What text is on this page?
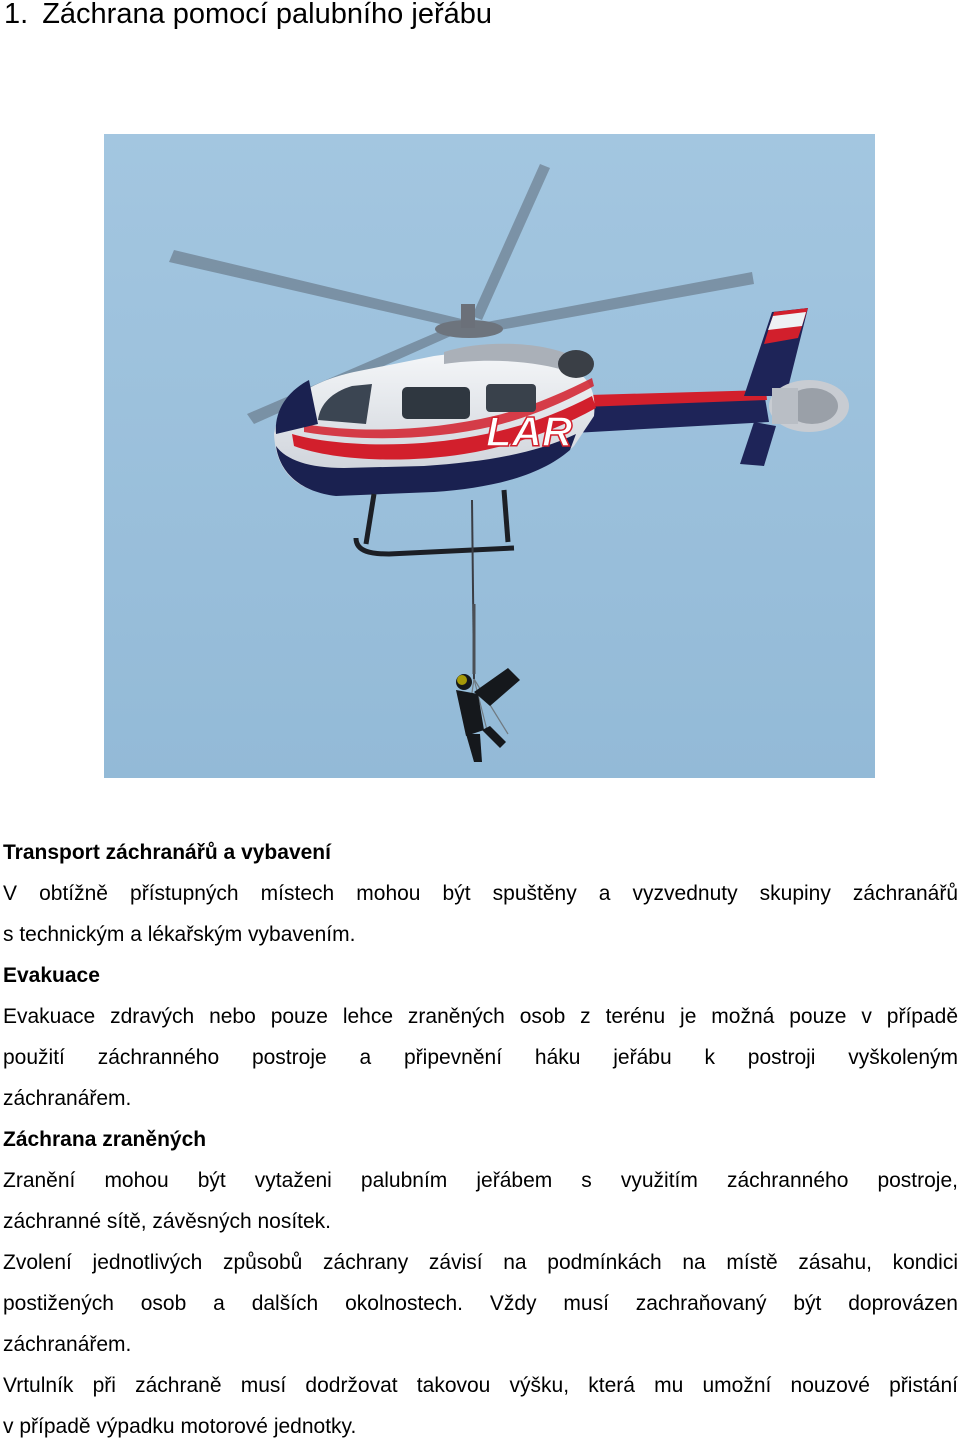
1. Záchrana pomocí palubního jeřábu
LAR

Transport záchranářů a vybavení

V obtížně přístupných místech mohou být spuštěny a vyzvednuty skupiny záchranářů

s technickým a lékařským vybavením.

Evakuace

Evakuace zdravých nebo pouze lehce zraněných osob z terénu je možná pouze v případě

použití záchranného postroje a připevnění háku jeřábu k postroji vyškoleným

záchranářem.

Záchrana zraněných

Zranění mohou být vytaženi palubním jeřábem s využitím záchranného postroje,

záchranné sítě, závěsných nosítek.

Zvolení jednotlivých způsobů záchrany závisí na podmínkách na místě zásahu, kondici

postižených osob a dalších okolnostech. Vždy musí zachraňovaný být doprovázen

záchranářem.

Vrtulník při záchraně musí dodržovat takovou výšku, která mu umožní nouzové přistání

v případě výpadku motorové jednotky.
